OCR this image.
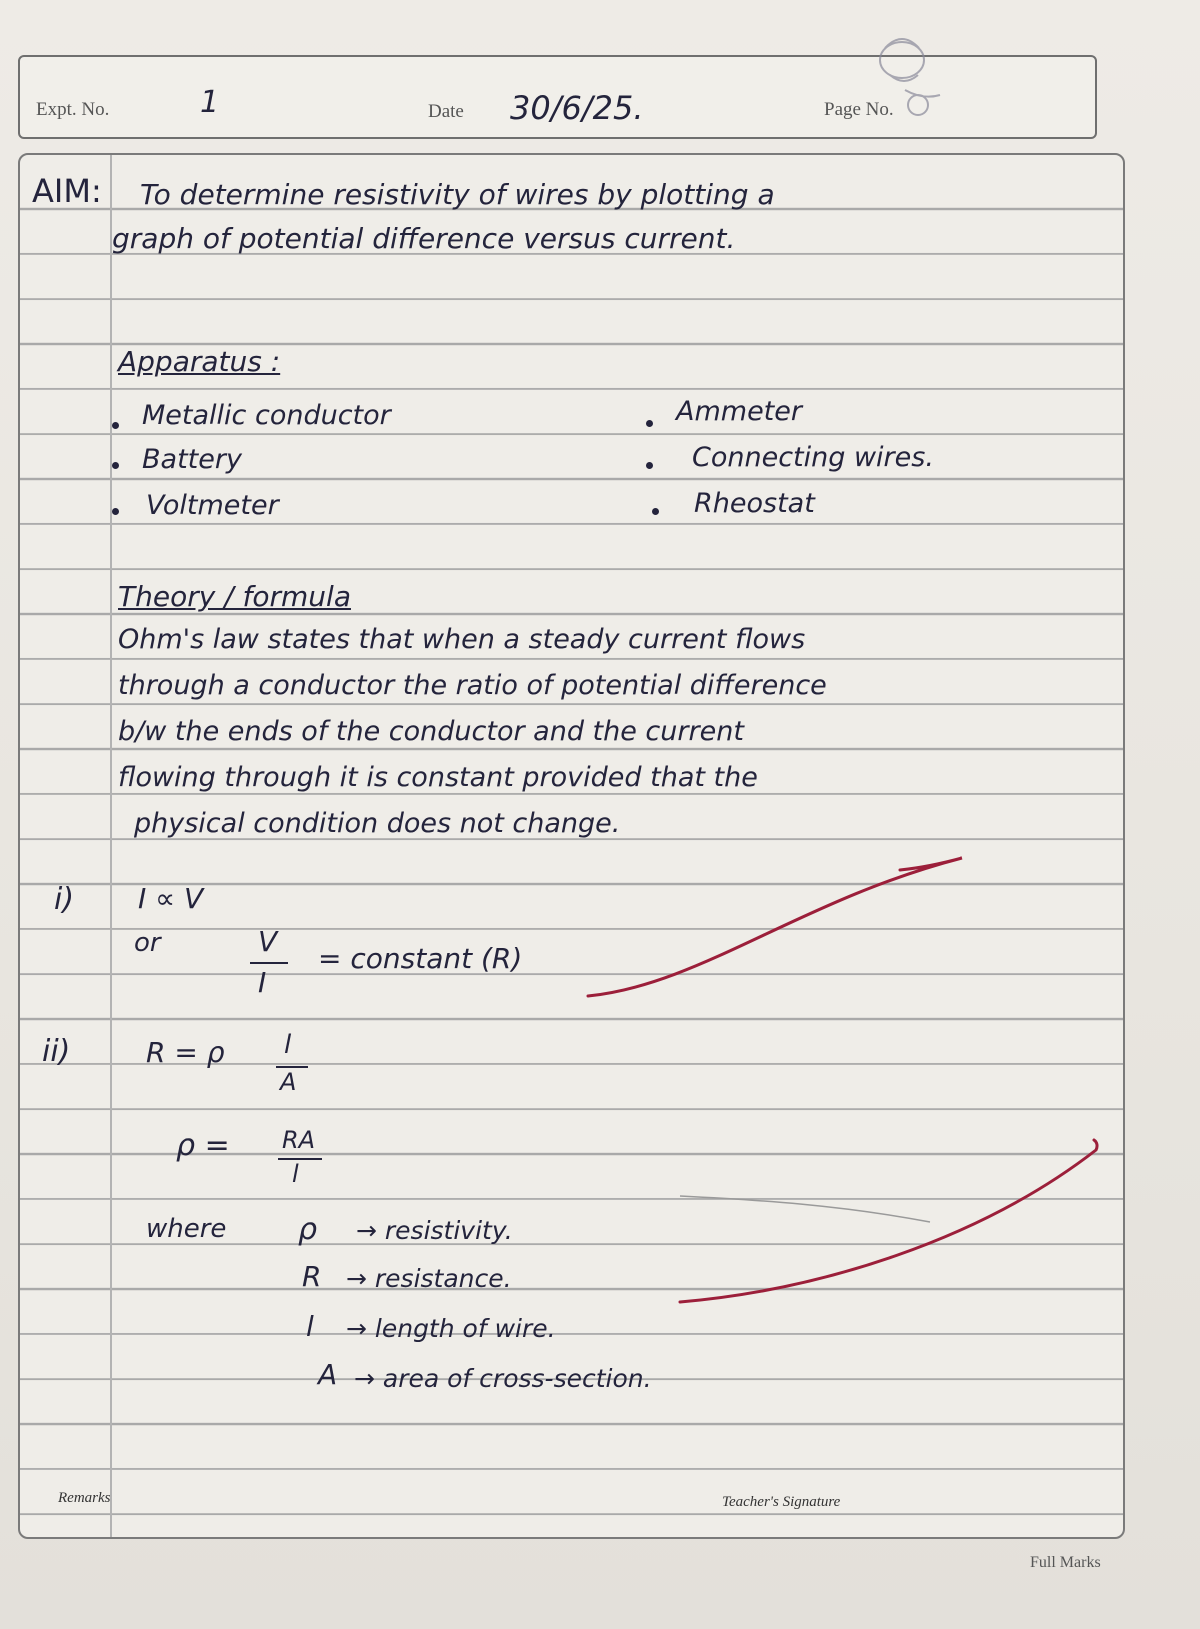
Expt. No.	1	Date 30/6/25.	Page No.
AIM: To determine resistivity of wires by plotting a
graph of potential difference versus current.
Apparatus :
Metallic conductor
Battery
Voltmeter
Ammeter
Connecting wires.
Rheostat
Theory / formula
Ohm's law states that when a steady current flows
through a conductor the ratio of potential difference
b/w the ends of the conductor and the current
flowing through it is constant provided that the
physical condition does not change.
i) I ∝ V
or	V
I
= constant (R)
ii)	R = ρ l
A
ρ = RA
l
where ρ → resistivity.
R → resistance.
l → length of wire.
A → area of cross-section.
Remarks	Teacher's Signature
Full Marks
